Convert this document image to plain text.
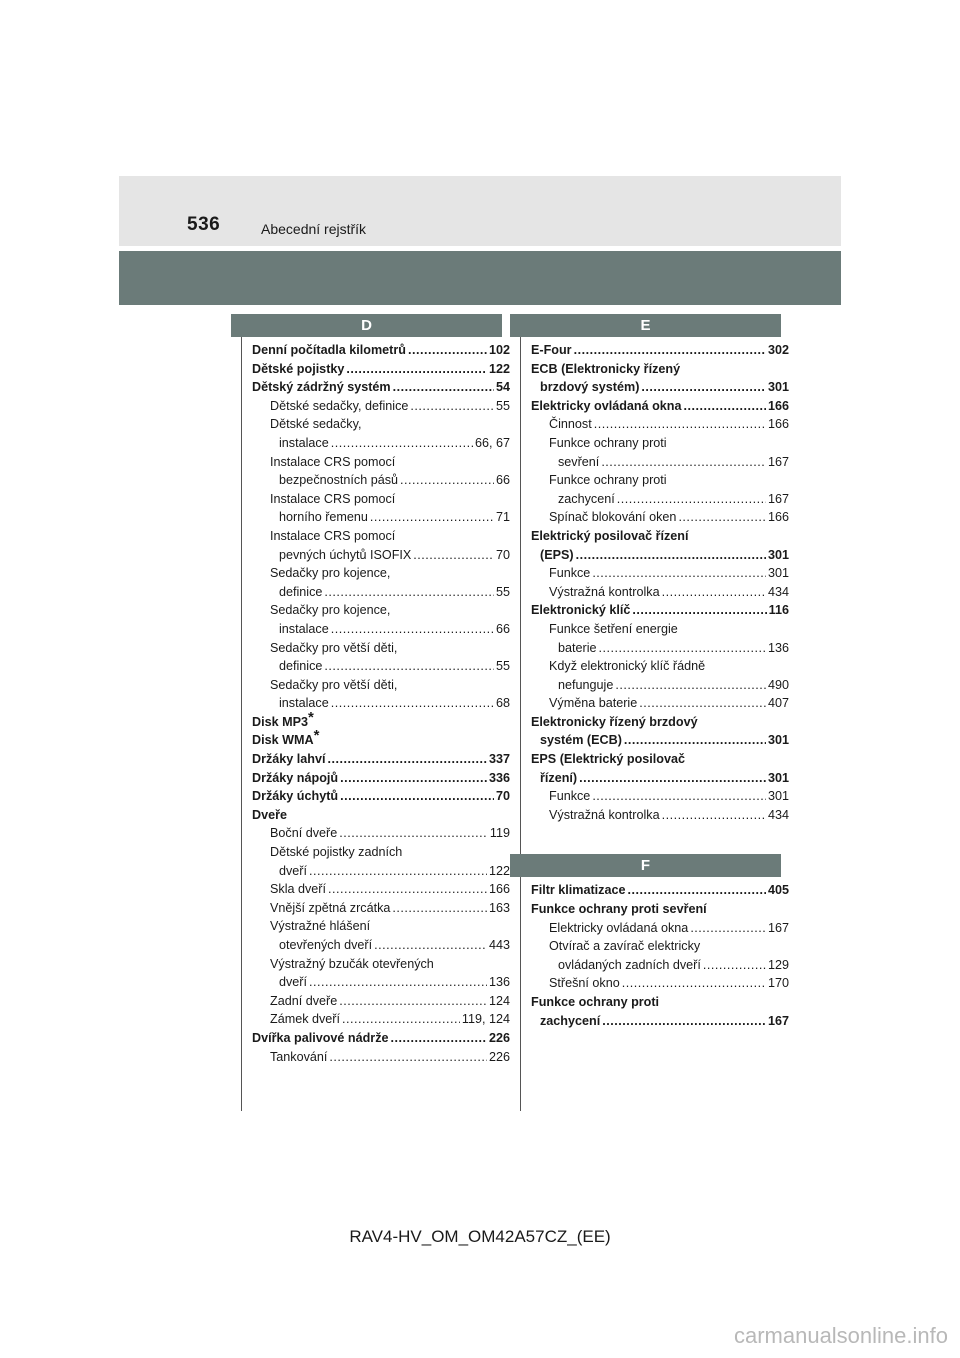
536	Abecední rejstřík
D
Denní počítadla kilometrů .....	102
Dětské pojistky .....	122
Dětský zádržný systém .....	54
Dětské sedačky, definice .....	55
Dětské sedačky,
instalace .....	66, 67
Instalace CRS pomocí
bezpečnostních pásů .....	66
Instalace CRS pomocí
horního řemenu .....	71
Instalace CRS pomocí
pevných úchytů ISOFIX .....	70
Sedačky pro kojence,
definice .....	55
Sedačky pro kojence,
instalace .....	66
Sedačky pro větší děti,
definice .....	55
Sedačky pro větší děti,
instalace .....	68
Disk MP3*
Disk WMA*
Držáky lahví .....	337
Držáky nápojů .....	336
Držáky úchytů .....	70
Dveře
Boční dveře .....	119
Dětské pojistky zadních
dveří .....	122
Skla dveří .....	166
Vnější zpětná zrcátka .....	163
Výstražné hlášení
otevřených dveří .....	443
Výstražný bzučák otevřených
dveří .....	136
Zadní dveře .....	124
Zámek dveří .....	119, 124
Dvířka palivové nádrže .....	226
Tankování .....	226
E
E-Four .....	302
ECB (Elektronicky řízený
brzdový systém) .....	301
Elektricky ovládaná okna .....	166
Činnost .....	166
Funkce ochrany proti
sevření .....	167
Funkce ochrany proti
zachycení .....	167
Spínač blokování oken .....	166
Elektrický posilovač řízení
(EPS) .....	301
Funkce .....	301
Výstražná kontrolka .....	434
Elektronický klíč .....	116
Funkce šetření energie
baterie .....	136
Když elektronický klíč řádně
nefunguje .....	490
Výměna baterie .....	407
Elektronicky řízený brzdový
systém (ECB) .....	301
EPS (Elektrický posilovač
řízení) .....	301
Funkce .....	301
Výstražná kontrolka .....	434
F
Filtr klimatizace .....	405
Funkce ochrany proti sevření
Elektricky ovládaná okna .....	167
Otvírač a zavírač elektricky
ovládaných zadních dveří .....	129
Střešní okno .....	170
Funkce ochrany proti
zachycení .....	167
RAV4-HV_OM_OM42A57CZ_(EE)
carmanualsonline.info
